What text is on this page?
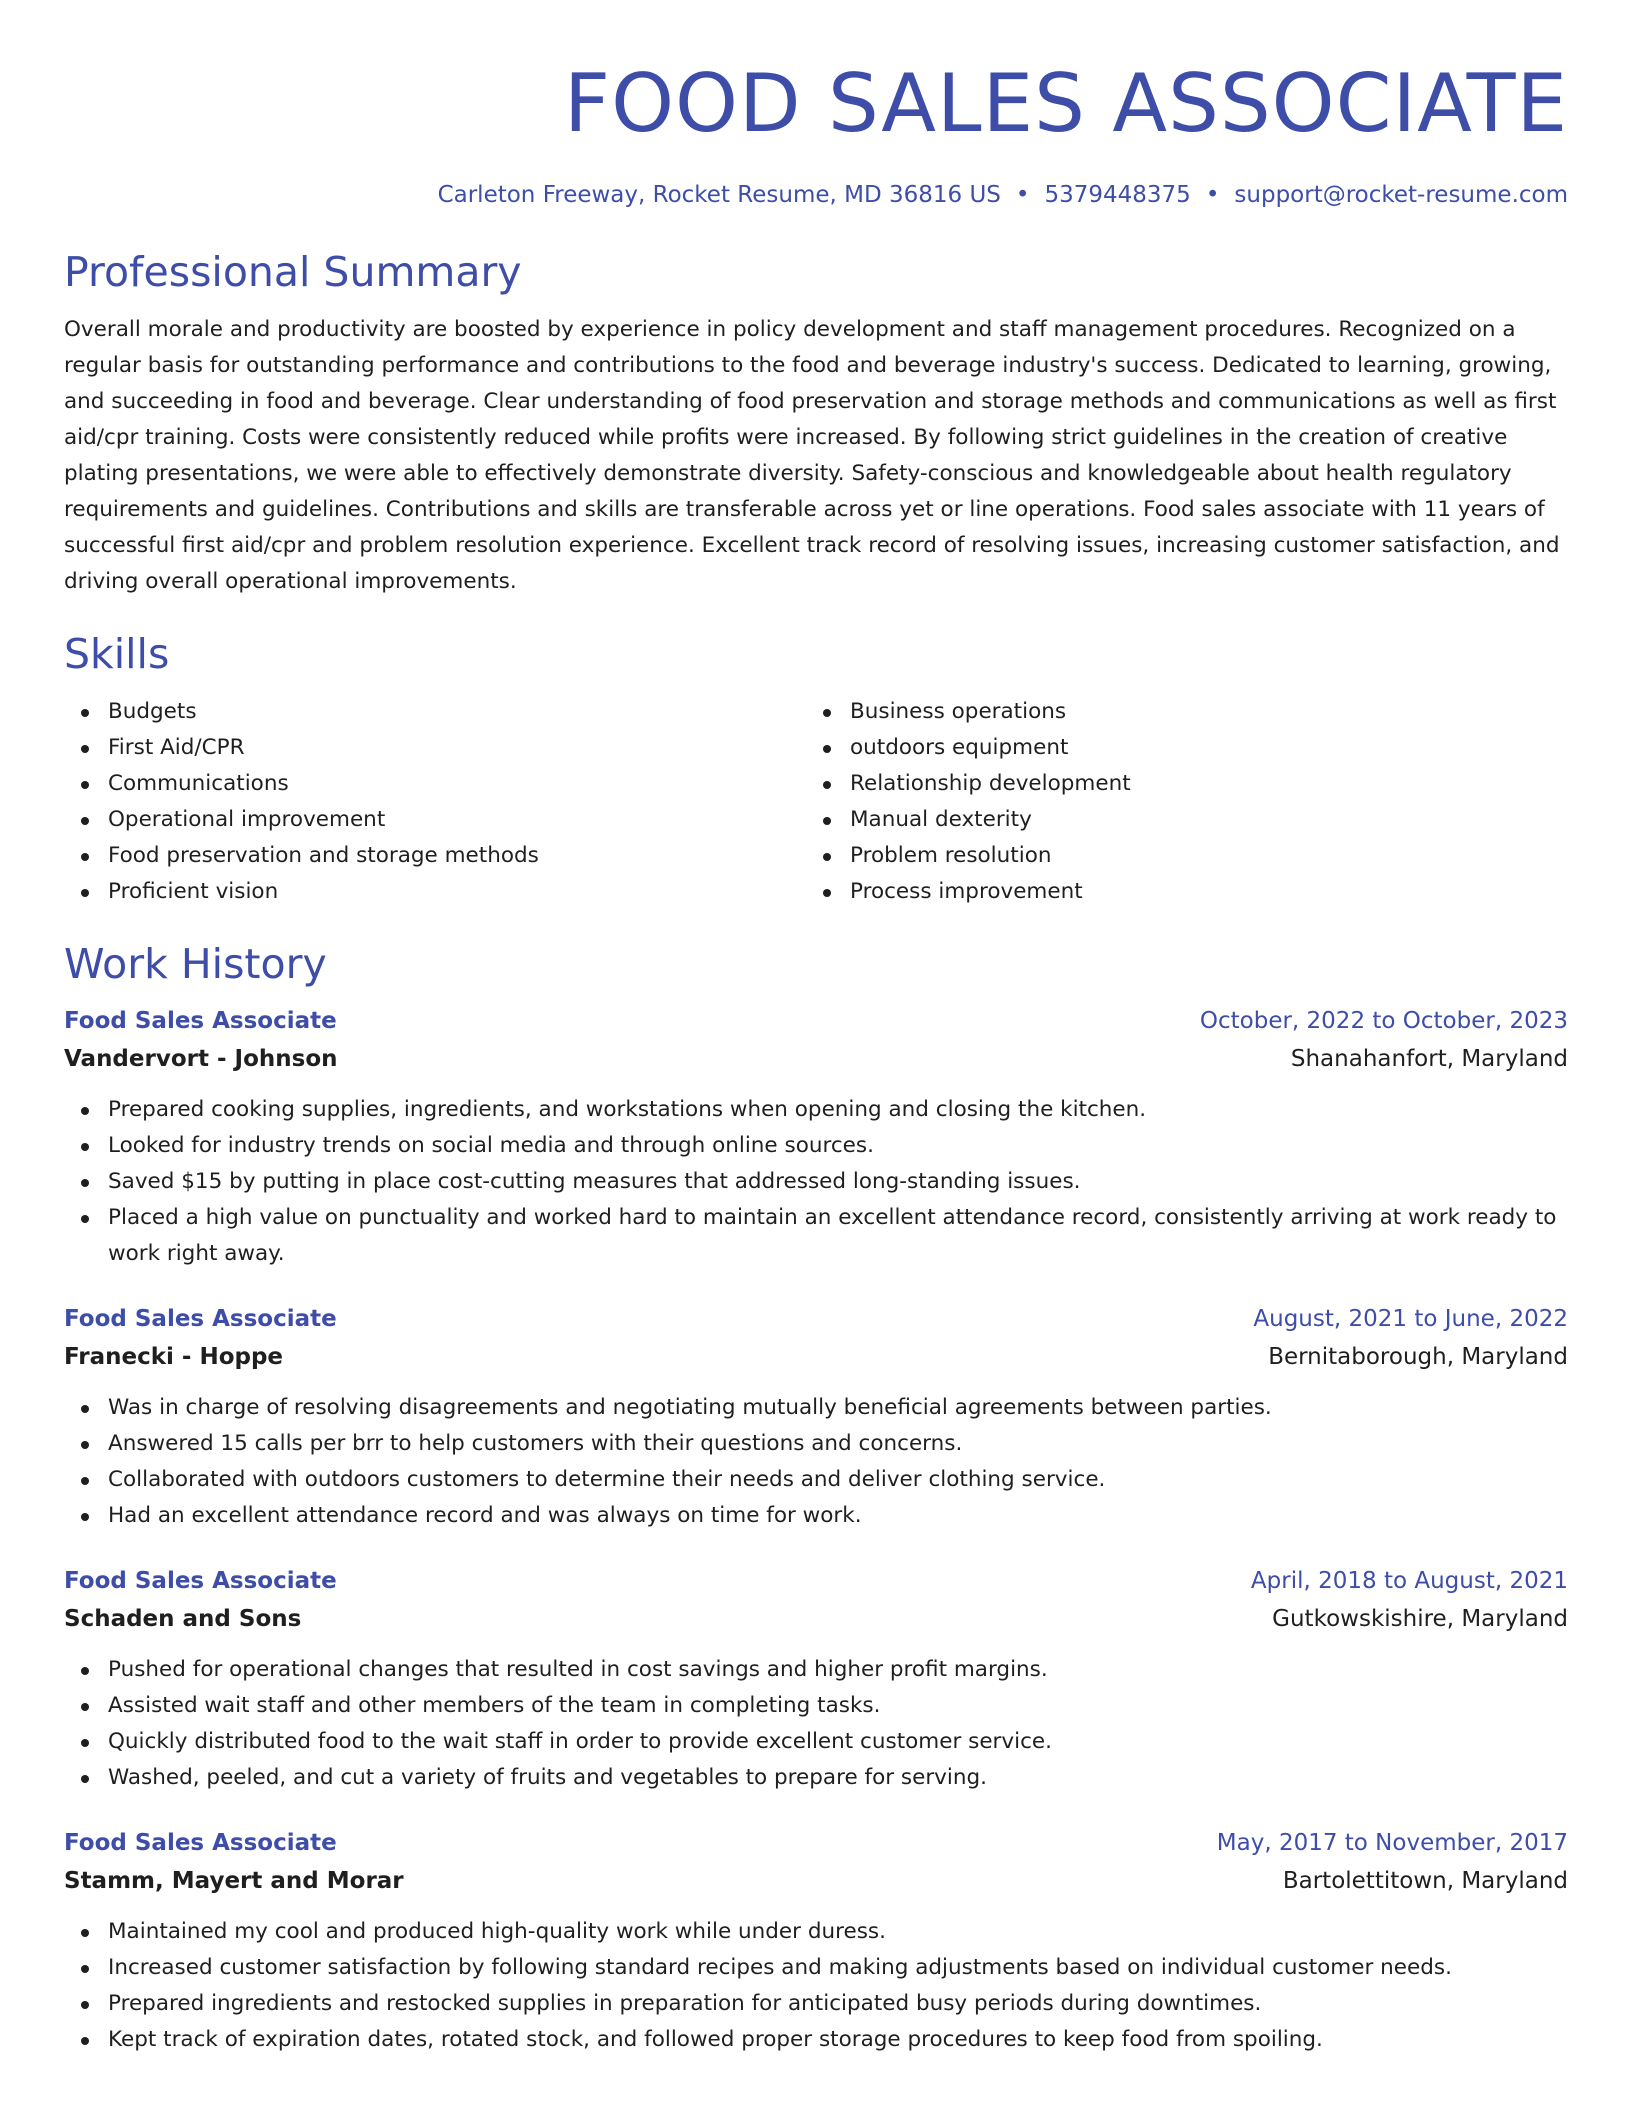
FOOD SALES ASSOCIATE
Carleton Freeway, Rocket Resume, MD 36816 US • 5379448375 • support@rocket-resume.com
Professional Summary

Overall morale and productivity are boosted by experience in policy development and staff management procedures. Recognized on a regular basis for outstanding performance and contributions to the food and beverage industry's success. Dedicated to learning, growing, and succeeding in food and beverage. Clear understanding of food preservation and storage methods and communications as well as first aid/cpr training. Costs were consistently reduced while profits were increased. By following strict guidelines in the creation of creative plating presentations, we were able to effectively demonstrate diversity. Safety-conscious and knowledgeable about health regulatory requirements and guidelines. Contributions and skills are transferable across yet or line operations. Food sales associate with 11 years of successful first aid/cpr and problem resolution experience. Excellent track record of resolving issues, increasing customer satisfaction, and driving overall operational improvements.

Skills
Budgets
First Aid/CPR
Communications
Operational improvement
Food preservation and storage methods
Proficient vision
Business operations
outdoors equipment
Relationship development
Manual dexterity
Problem resolution
Process improvement
Work History
Food Sales Associate	October, 2022 to October, 2023
Vandervort - Johnson	Shanahanfort, Maryland
Prepared cooking supplies, ingredients, and workstations when opening and closing the kitchen.
Looked for industry trends on social media and through online sources.
Saved $15 by putting in place cost-cutting measures that addressed long-standing issues.
Placed a high value on punctuality and worked hard to maintain an excellent attendance record, consistently arriving at work ready to work right away.
Food Sales Associate	August, 2021 to June, 2022
Franecki - Hoppe	Bernitaborough, Maryland
Was in charge of resolving disagreements and negotiating mutually beneficial agreements between parties.
Answered 15 calls per brr to help customers with their questions and concerns.
Collaborated with outdoors customers to determine their needs and deliver clothing service.
Had an excellent attendance record and was always on time for work.
Food Sales Associate	April, 2018 to August, 2021
Schaden and Sons	Gutkowskishire, Maryland
Pushed for operational changes that resulted in cost savings and higher profit margins.
Assisted wait staff and other members of the team in completing tasks.
Quickly distributed food to the wait staff in order to provide excellent customer service.
Washed, peeled, and cut a variety of fruits and vegetables to prepare for serving.
Food Sales Associate	May, 2017 to November, 2017
Stamm, Mayert and Morar	Bartolettitown, Maryland
Maintained my cool and produced high-quality work while under duress.
Increased customer satisfaction by following standard recipes and making adjustments based on individual customer needs.
Prepared ingredients and restocked supplies in preparation for anticipated busy periods during downtimes.
Kept track of expiration dates, rotated stock, and followed proper storage procedures to keep food from spoiling.
